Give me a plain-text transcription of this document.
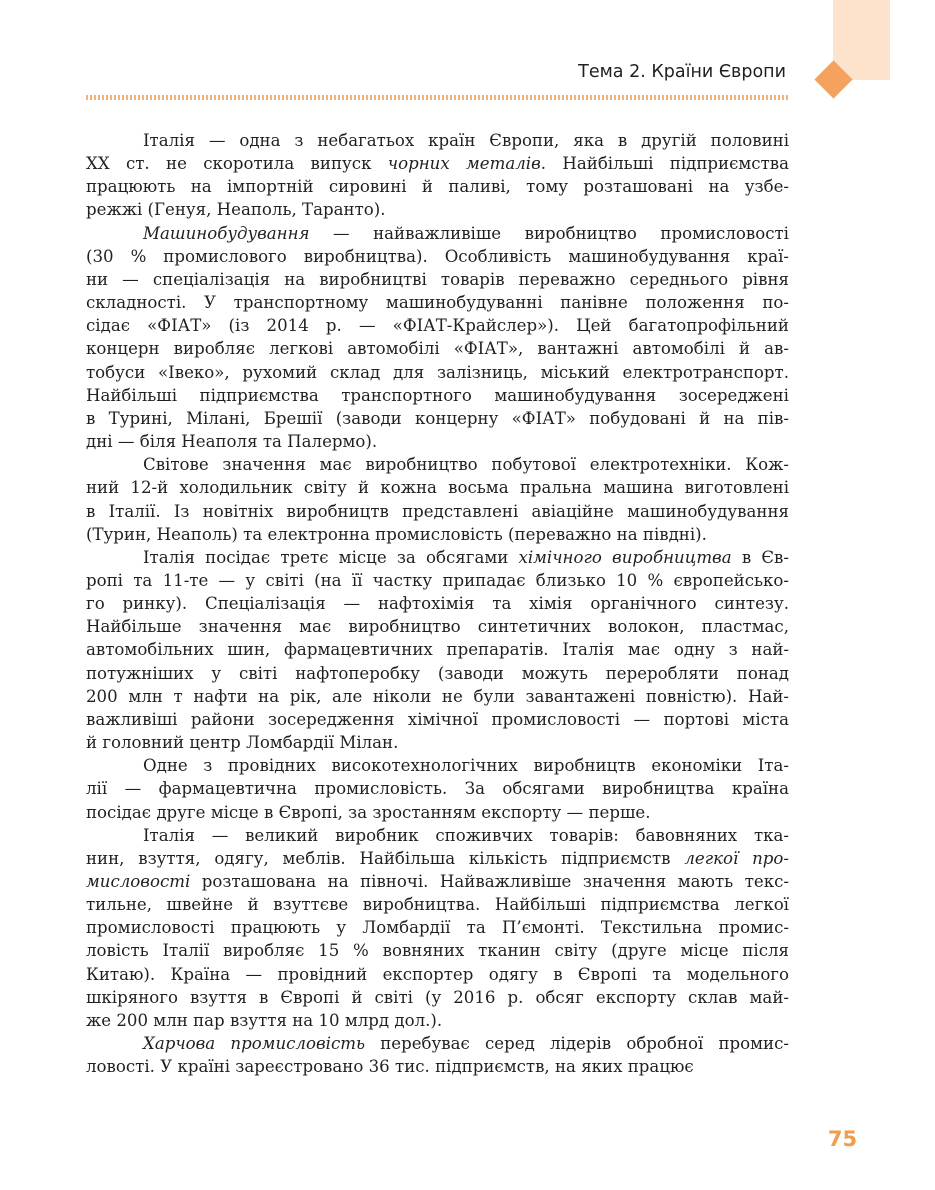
Тема 2. Країни Європи

Італія — одна з небагатьох країн Європи, яка в другій половині

XX ст. не скоротила випуск чорних металів. Найбільші підприємства

працюють на імпортній сировині й паливі, тому розташовані на узбе-

режжі (Генуя, Неаполь, Таранто).

Машинобудування — найважливіше виробництво промисловості

(30 % промислового виробництва). Особливість машинобудування краї-

ни — спеціалізація на виробництві товарів переважно середнього рівня

складності. У транспортному машинобудуванні панівне положення по-

сідає «ФІАТ» (із 2014 р. — «ФІАТ-Крайслер»). Цей багатопрофільний

концерн виробляє легкові автомобілі «ФІАТ», вантажні автомобілі й ав-

тобуси «Івеко», рухомий склад для залізниць, міський електротранспорт.

Найбільші підприємства транспортного машинобудування зосереджені

в Турині, Мілані, Брешії (заводи концерну «ФІАТ» побудовані й на пів-

дні — біля Неаполя та Палермо).

Світове значення має виробництво побутової електротехніки. Кож-

ний 12-й холодильник світу й кожна восьма пральна машина виготовлені

в Італії. Із новітніх виробництв представлені авіаційне машинобудування

(Турин, Неаполь) та електронна промисловість (переважно на півдні).

Італія посідає третє місце за обсягами хімічного виробництва в Єв-

ропі та 11-те — у світі (на її частку припадає близько 10 % європейсько-

го ринку). Спеціалізація — нафтохімія та хімія органічного синтезу.

Найбільше значення має виробництво синтетичних волокон, пластмас,

автомобільних шин, фармацевтичних препаратів. Італія має одну з най-

потужніших у світі нафтоперобку (заводи можуть переробляти понад

200 млн т нафти на рік, але ніколи не були завантажені повністю). Най-

важливіші райони зосередження хімічної промисловості — портові міста

й головний центр Ломбардії Мілан.

Одне з провідних високотехнологічних виробництв економіки Іта-

лії — фармацевтична промисловість. За обсягами виробництва країна

посідає друге місце в Європі, за зростанням експорту — перше.

Італія — великий виробник споживчих товарів: бавовняних тка-

нин, взуття, одягу, меблів. Найбільша кількість підприємств легкої про-

мисловості розташована на півночі. Найважливіше значення мають текс-

тильне, швейне й взуттєве виробництва. Найбільші підприємства легкої

промисловості працюють у Ломбардії та П’ємонті. Текстильна промис-

ловість Італії виробляє 15 % вовняних тканин світу (друге місце після

Китаю). Країна — провідний експортер одягу в Європі та модельного

шкіряного взуття в Європі й світі (у 2016 р. обсяг експорту склав май-

же 200 млн пар взуття на 10 млрд дол.).

Харчова промисловість перебуває серед лідерів обробної промис-

ловості. У країні зареєстровано 36 тис. підприємств, на яких працює

75
